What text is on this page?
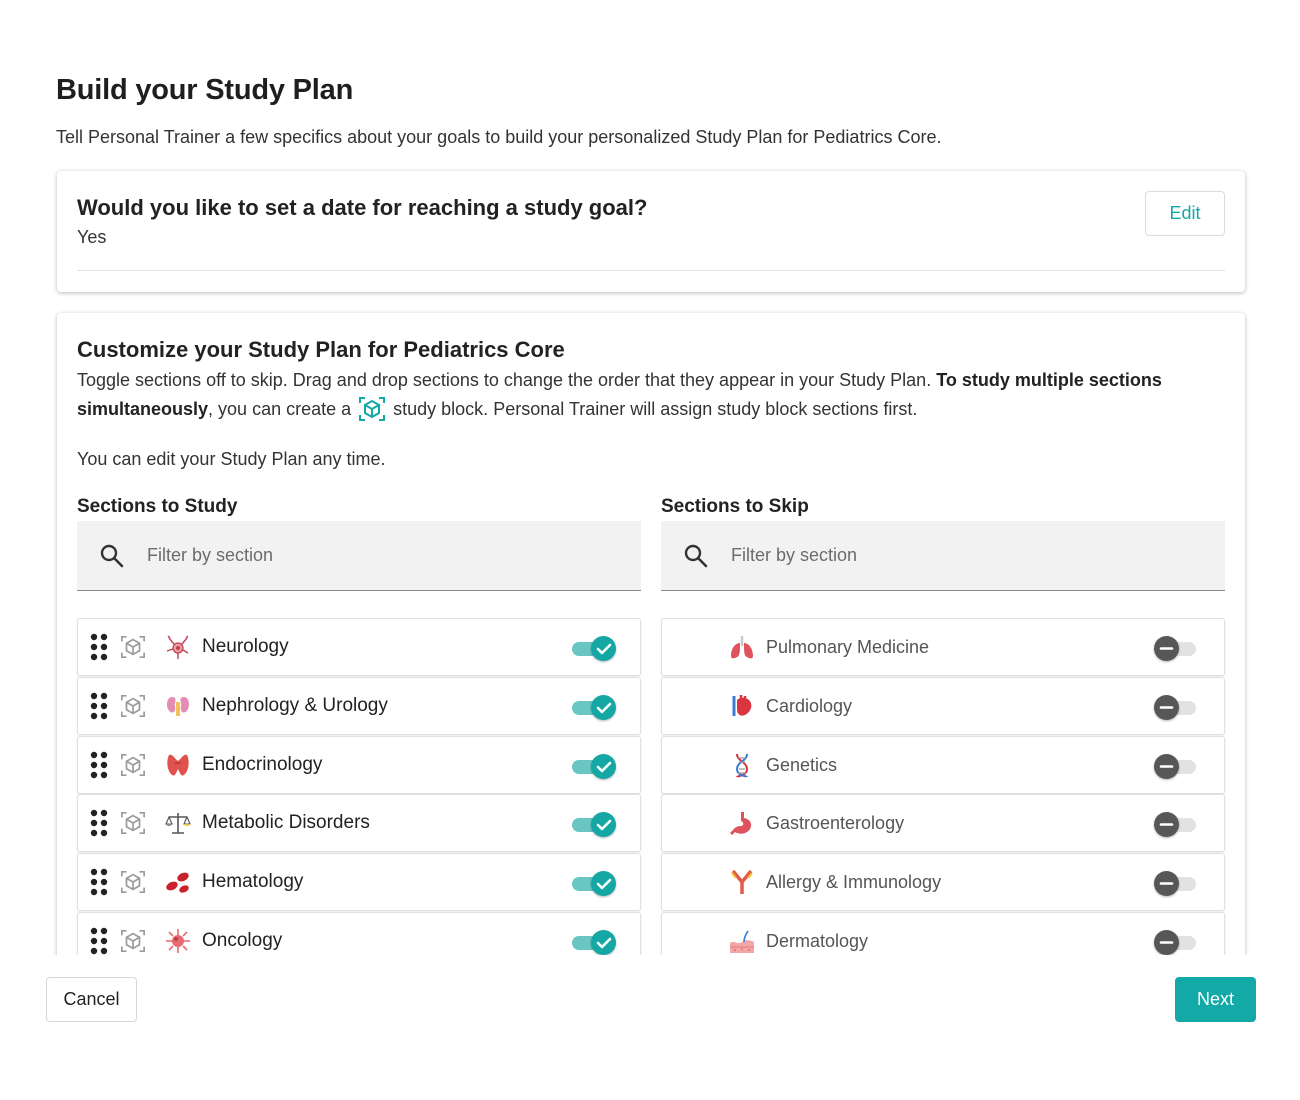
Build your Study Plan

Tell Personal Trainer a few specifics about your goals to build your personalized Study Plan for Pediatrics Core.

Would you like to set a date for reaching a study goal?
Yes
Edit
Customize your Study Plan for Pediatrics Core
Toggle sections off to skip. Drag and drop sections to change the order that they appear in your Study Plan. To study multiple sections simultaneously, you can create a  study block. Personal Trainer will assign study block sections first.
You can edit your Study Plan any time.
Sections to Study
Filter by section
Neurology
Nephrology & Urology
Endocrinology
Metabolic Disorders
Hematology
Oncology
Sections to Skip
Filter by section
Pulmonary Medicine
Cardiology
Genetics
Gastroenterology
Allergy & Immunology
Dermatology
Cancel	Next
